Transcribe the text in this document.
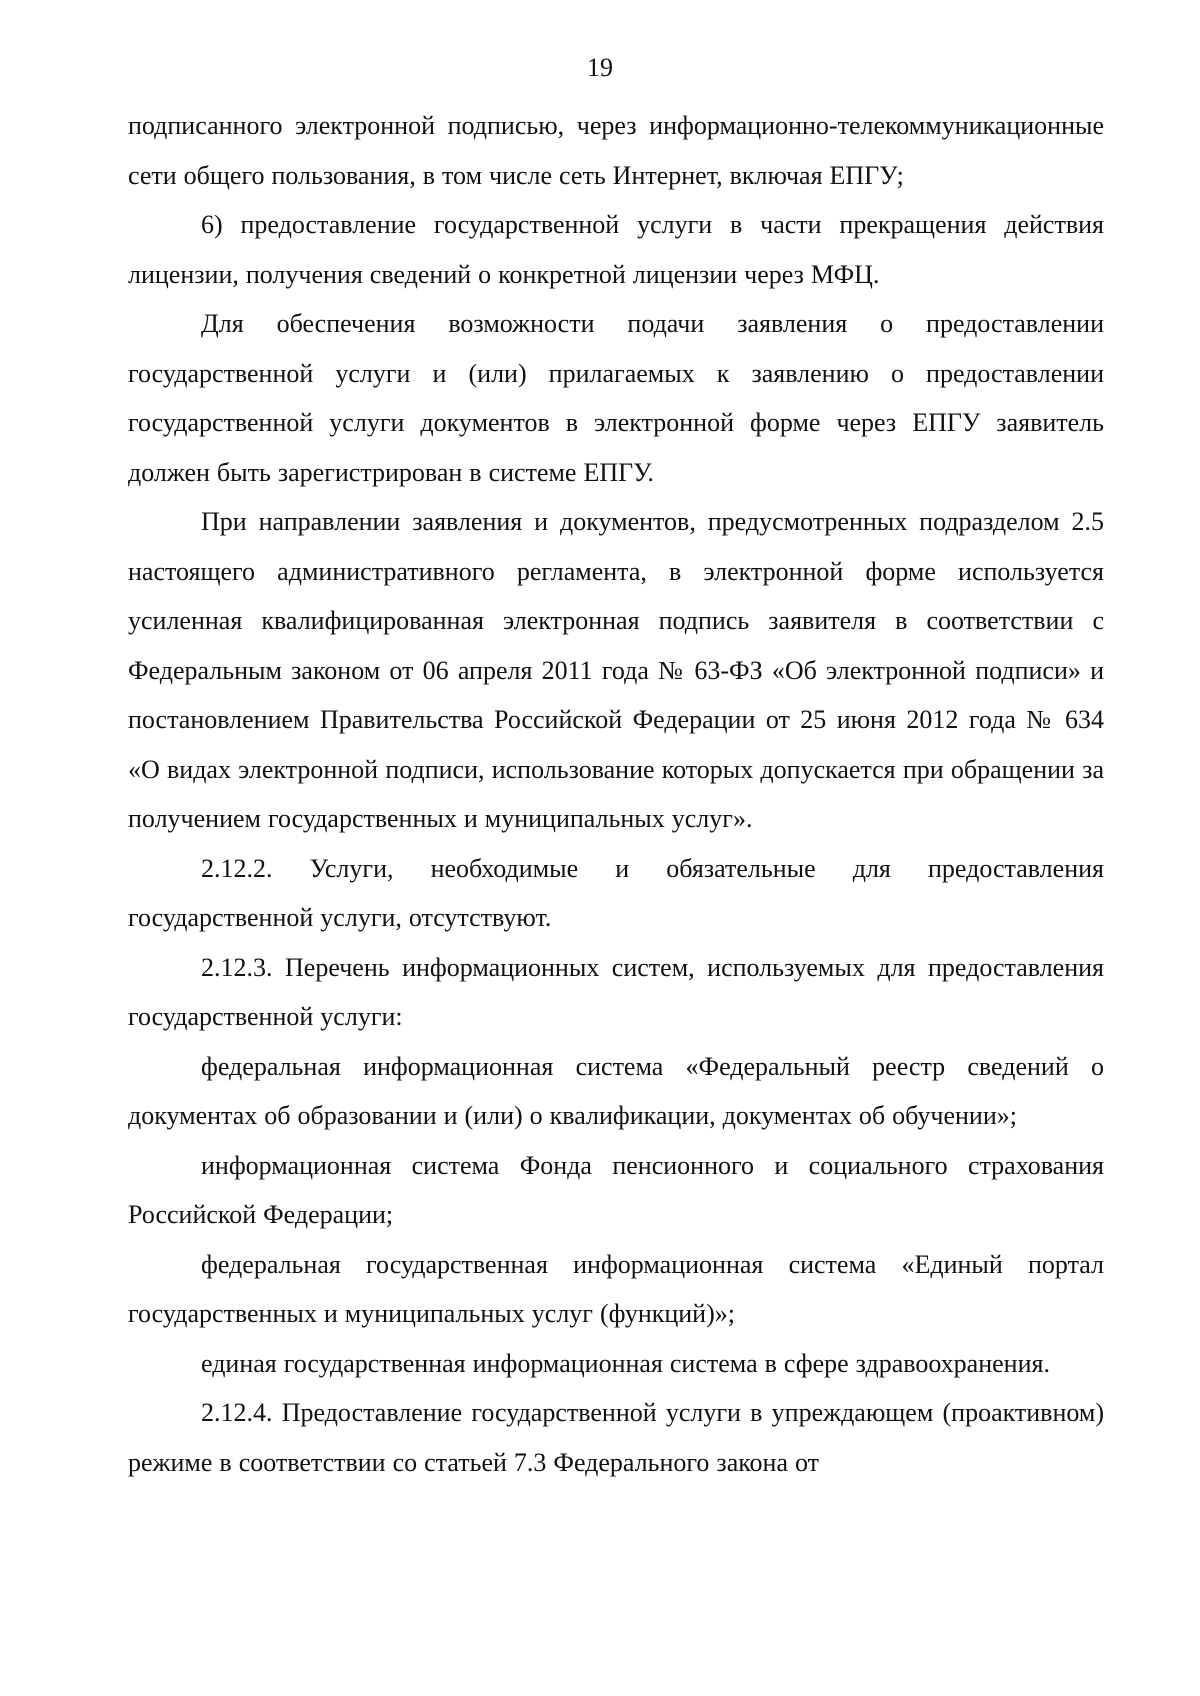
19

подписанного электронной подписью, через информационно-телекоммуникационные сети общего пользования, в том числе сеть Интернет, включая ЕПГУ;

6) предоставление государственной услуги в части прекращения действия лицензии, получения сведений о конкретной лицензии через МФЦ.

Для обеспечения возможности подачи заявления о предоставлении государственной услуги и (или) прилагаемых к заявлению о предоставлении государственной услуги документов в электронной форме через ЕПГУ заявитель должен быть зарегистрирован в системе ЕПГУ.

При направлении заявления и документов, предусмотренных подразделом 2.5 настоящего административного регламента, в электронной форме используется усиленная квалифицированная электронная подпись заявителя в соответствии с Федеральным законом от 06 апреля 2011 года № 63-ФЗ «Об электронной подписи» и постановлением Правительства Российской Федерации от 25 июня 2012 года № 634 «О видах электронной подписи, использование которых допускается при обращении за получением государственных и муниципальных услуг».

2.12.2. Услуги, необходимые и обязательные для предоставления государственной услуги, отсутствуют.

2.12.3. Перечень информационных систем, используемых для предоставления государственной услуги:

федеральная информационная система «Федеральный реестр сведений о документах об образовании и (или) о квалификации, документах об обучении»;

информационная система Фонда пенсионного и социального страхования Российской Федерации;

федеральная государственная информационная система «Единый портал государственных и муниципальных услуг (функций)»;

единая государственная информационная система в сфере здравоохранения.

2.12.4. Предоставление государственной услуги в упреждающем (проактивном) режиме в соответствии со статьей 7.3 Федерального закона от
